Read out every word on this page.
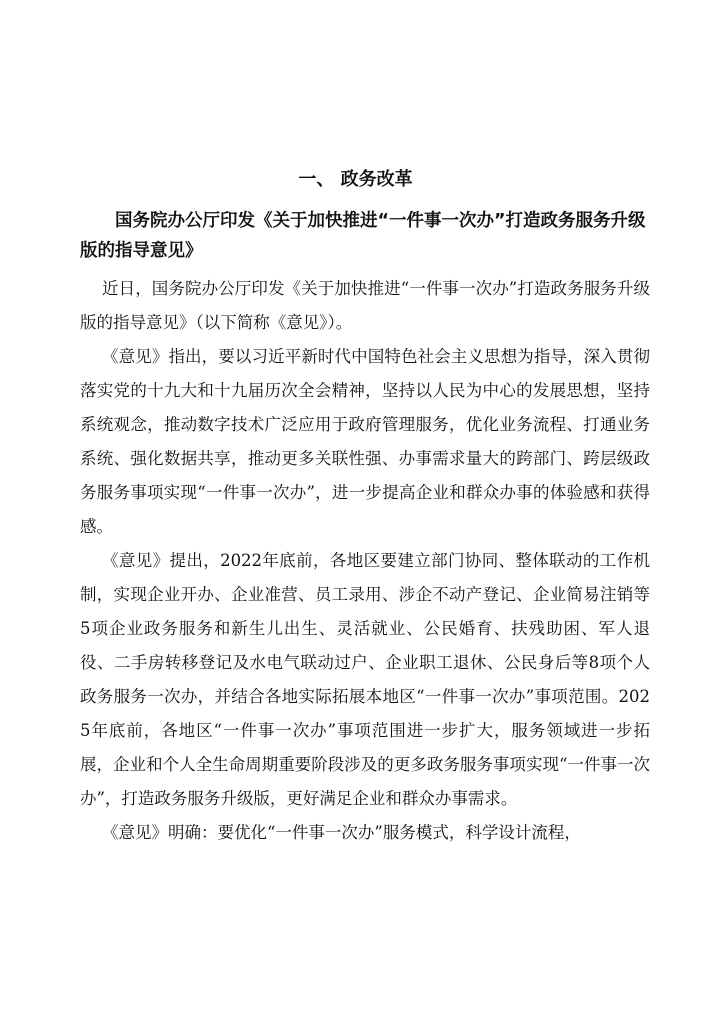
一、 政务改革
国务院办公厅印发《关于加快推进“一件事一次办”打造政务服务升级版的指导意见》

近日，国务院办公厅印发《关于加快推进“一件事一次办”打造政务服务升级版的指导意见》（以下简称《意见》）。

《意见》指出，要以习近平新时代中国特色社会主义思想为指导，深入贯彻落实党的十九大和十九届历次全会精神，坚持以人民为中心的发展思想，坚持系统观念，推动数字技术广泛应用于政府管理服务，优化业务流程、打通业务系统、强化数据共享，推动更多关联性强、办事需求量大的跨部门、跨层级政务服务事项实现“一件事一次办”，进一步提高企业和群众办事的体验感和获得感。

《意见》提出，2022年底前，各地区要建立部门协同、整体联动的工作机制，实现企业开办、企业准营、员工录用、涉企不动产登记、企业简易注销等5项企业政务服务和新生儿出生、灵活就业、公民婚育、扶残助困、军人退役、二手房转移登记及水电气联动过户、企业职工退休、公民身后等8项个人政务服务一次办，并结合各地实际拓展本地区“一件事一次办”事项范围。2025年底前，各地区“一件事一次办”事项范围进一步扩大，服务领域进一步拓展，企业和个人全生命周期重要阶段涉及的更多政务服务事项实现“一件事一次办”，打造政务服务升级版，更好满足企业和群众办事需求。

《意见》明确：要优化“一件事一次办”服务模式，科学设计流程，
